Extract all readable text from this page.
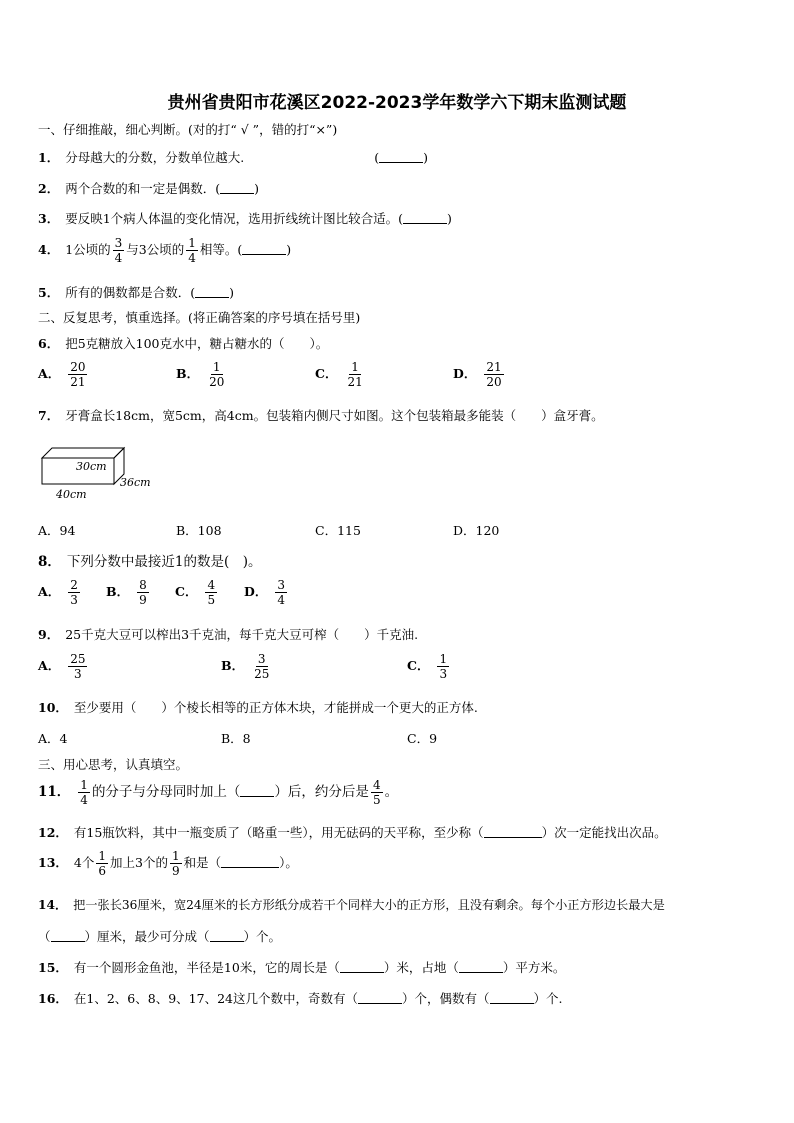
贵州省贵阳市花溪区2022-2023学年数学六下期末监测试题
一、仔细推敲，细心判断。(对的打“ √ ”，错的打“×”)
1． 分母越大的分数，分数单位越大.	(	)
2． 两个合数的和一定是偶数．(	)
3． 要反映1个病人体温的变化情况，选用折线统计图比较合适。(	)
4． 1公顷的 $\frac{3}{4}$ 与3公顷的 $\frac{1}{4}$ 相等。(	)
5． 所有的偶数都是合数．(	)
二、反复思考，慎重选择。(将正确答案的序号填在括号里)
6． 把5克糖放入100克水中，糖占糖水的（　　）。
A． $\frac{20}{21}$	B． $\frac{1}{20}$	C． $\frac{1}{21}$	D． $\frac{21}{20}$
7． 牙膏盒长18cm，宽5cm，高4cm。包装箱内侧尺寸如图。这个包装箱最多能装（　　）盒牙膏。
30cm
36cm
40cm
A．94	B．108	C．115	D．120
8． 下列分数中最接近1的数是(　)。
A． $\frac{2}{3}$ B． $\frac{8}{9}$ C． $\frac{4}{5}$ D． $\frac{3}{4}$
9． 25千克大豆可以榨出3千克油，每千克大豆可榨（　　）千克油.
A． $\frac{25}{3}$	B． $\frac{3}{25}$	C． $\frac{1}{3}$
10． 至少要用（　　）个棱长相等的正方体木块，才能拼成一个更大的正方体.
A．4	B．8	C．9
三、用心思考，认真填空。
11． $\frac{1}{4}$ 的分子与分母同时加上（	）后，约分后是 $\frac{4}{5}$ 。
12． 有15瓶饮料，其中一瓶变质了（略重一些），用无砝码的天平称，至少称（	）次一定能找出次品。
13． 4个 $\frac{1}{6}$ 加上3个的 $\frac{1}{9}$ 和是（	）。
14． 把一张长36厘米，宽24厘米的长方形纸分成若干个同样大小的正方形，且没有剩余。每个小正方形边长最大是
（	）厘米，最少可分成（	）个。
15． 有一个圆形金鱼池，半径是10米，它的周长是（	）米，占地（	）平方米。
16． 在1、2、6、8、9、17、24这几个数中，奇数有（	）个，偶数有（	）个.
